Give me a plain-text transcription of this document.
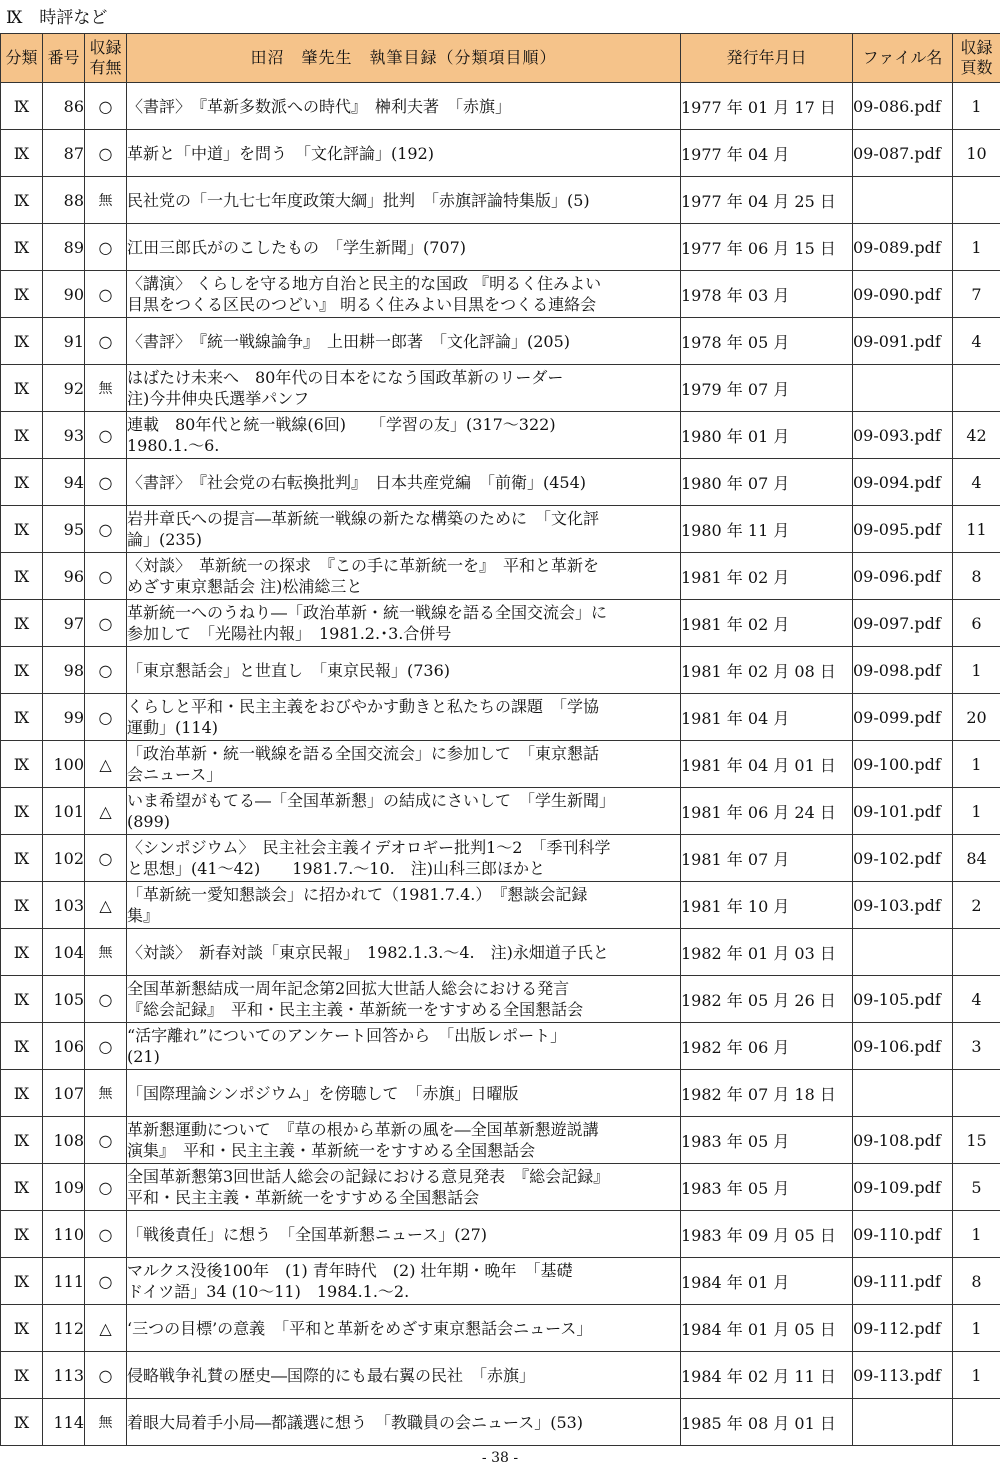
Ⅸ　時評など
分類	番号	収録
有無	田沼　肇先生　執筆目録（分類項目順）	発行年月日	ファイル名	収録
頁数
Ⅸ	86	○	〈書評〉　『革新多数派への時代』　榊利夫著　「赤旗」	1977 年 01 月 17 日	09-086.pdf	1
Ⅸ	87	○	革新と「中道」を問う　「文化評論」(192)	1977 年 04 月	09-087.pdf	10
Ⅸ	88	無	民社党の「一九七七年度政策大綱」批判　「赤旗評論特集版」(5)	1977 年 04 月 25 日		
Ⅸ	89	○	江田三郎氏がのこしたもの　「学生新聞」(707)	1977 年 06 月 15 日	09-089.pdf	1
Ⅸ	90	○	〈講演〉 くらしを守る地方自治と民主的な国政 『明るく住みよい
目黒をつくる区民のつどい』 明るく住みよい目黒をつくる連絡会	1978 年 03 月	09-090.pdf	7
Ⅸ	91	○	〈書評〉　『統一戦線論争』　上田耕一郎著　「文化評論」(205)	1978 年 05 月	09-091.pdf	4
Ⅸ	92	無	はばたけ未来へ　80年代の日本をになう国政革新のリーダー
注)今井伸央氏選挙パンフ	1979 年 07 月		
Ⅸ	93	○	連載　80年代と統一戦線(6回)　　「学習の友」(317～322)
1980.1.～6.	1980 年 01 月	09-093.pdf	42
Ⅸ	94	○	〈書評〉　『社会党の右転換批判』　日本共産党編　「前衛」(454)	1980 年 07 月	09-094.pdf	4
Ⅸ	95	○	岩井章氏への提言―革新統一戦線の新たな構築のために　「文化評
論」(235)	1980 年 11 月	09-095.pdf	11
Ⅸ	96	○	〈対談〉　革新統一の探求　『この手に革新統一を』　平和と革新を
めざす東京懇話会 注)松浦総三と	1981 年 02 月	09-096.pdf	8
Ⅸ	97	○	革新統一へのうねり―「政治革新・統一戦線を語る全国交流会」に
参加して　「光陽社内報」　1981.2.･3.合併号	1981 年 02 月	09-097.pdf	6
Ⅸ	98	○	「東京懇話会」と世直し　「東京民報」(736)	1981 年 02 月 08 日	09-098.pdf	1
Ⅸ	99	○	くらしと平和・民主主義をおびやかす動きと私たちの課題　「学協
運動」(114)	1981 年 04 月	09-099.pdf	20
Ⅸ	100	△	「政治革新・統一戦線を語る全国交流会」に参加して　「東京懇話
会ニュース」	1981 年 04 月 01 日	09-100.pdf	1
Ⅸ	101	△	いま希望がもてる―「全国革新懇」の結成にさいして　「学生新聞」
(899)	1981 年 06 月 24 日	09-101.pdf	1
Ⅸ	102	○	〈シンポジウム〉　民主社会主義イデオロギー批判1～2　「季刊科学
と思想」(41～42)　　1981.7.～10.　注)山科三郎ほかと	1981 年 07 月	09-102.pdf	84
Ⅸ	103	△	「革新統一愛知懇談会」に招かれて（1981.7.4.）　『懇談会記録
集』	1981 年 10 月	09-103.pdf	2
Ⅸ	104	無	〈対談〉　新春対談「東京民報」　1982.1.3.～4.　注)永畑道子氏と	1982 年 01 月 03 日		
Ⅸ	105	○	全国革新懇結成一周年記念第2回拡大世話人総会における発言
『総会記録』　平和・民主主義・革新統一をすすめる全国懇話会	1982 年 05 月 26 日	09-105.pdf	4
Ⅸ	106	○	“活字離れ”についてのアンケート回答から　「出版レポート」
(21)	1982 年 06 月	09-106.pdf	3
Ⅸ	107	無	「国際理論シンポジウム」を傍聴して　「赤旗」日曜版	1982 年 07 月 18 日		
Ⅸ	108	○	革新懇運動について　『草の根から革新の風を―全国革新懇遊説講
演集』　平和・民主主義・革新統一をすすめる全国懇話会	1983 年 05 月	09-108.pdf	15
Ⅸ	109	○	全国革新懇第3回世話人総会の記録における意見発表　『総会記録』
平和・民主主義・革新統一をすすめる全国懇話会	1983 年 05 月	09-109.pdf	5
Ⅸ	110	○	「戦後責任」に想う　「全国革新懇ニュース」(27)	1983 年 09 月 05 日	09-110.pdf	1
Ⅸ	111	○	マルクス没後100年　(1) 青年時代　(2) 壮年期・晩年　「基礎
ドイツ語」34 (10～11)　1984.1.～2.	1984 年 01 月	09-111.pdf	8
Ⅸ	112	△	‘三つの目標’の意義　「平和と革新をめざす東京懇話会ニュース」	1984 年 01 月 05 日	09-112.pdf	1
Ⅸ	113	○	侵略戦争礼賛の歴史―国際的にも最右翼の民社　「赤旗」	1984 年 02 月 11 日	09-113.pdf	1
Ⅸ	114	無	着眼大局着手小局―都議選に想う　「教職員の会ニュース」(53)	1985 年 08 月 01 日		
- 38 -
